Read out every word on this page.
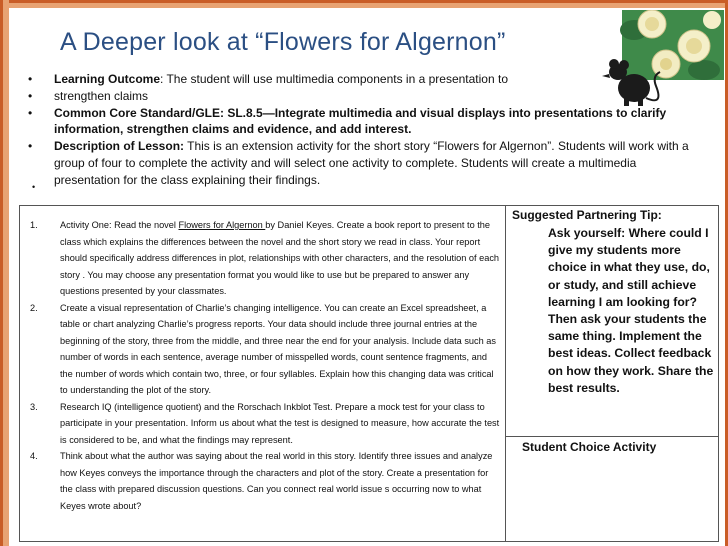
A Deeper look at “Flowers for Algernon”
• Learning Outcome: The student will use multimedia components in a presentation to
• strengthen claims
• Common Core Standard/GLE: SL.8.5—Integrate multimedia and visual displays into presentations to clarify information, strengthen claims and evidence, and add interest.
• Description of Lesson: This is an extension activity for the short story “Flowers for Algernon”. Students will work with a group of four to complete the activity and will select one activity to complete. Students will create a multimedia presentation for the class explaining their findings.
•
1. Activity One: Read the novel Flowers for Algernon by Daniel Keyes. Create a book report to present to the class which explains the differences between the novel and the short story we read in class. Your report should specifically address differences in plot, relationships with other characters, and the resolution of each story . You may choose any presentation format you would like to use but be prepared to answer any questions presented by your classmates.
2. Create a visual representation of Charlie’s changing intelligence. You can create an Excel spreadsheet, a table or chart analyzing Charlie’s progress reports. Your data should include three journal entries at the beginning of the story, three from the middle, and three near the end for your analysis. Include data such as number of words in each sentence, average number of misspelled words, count sentence fragments, and the number of words which contain two, three, or four syllables. Explain how this changing data was critical to understanding the plot of the story.
3. Research IQ (intelligence quotient) and the Rorschach Inkblot Test. Prepare a mock test for your class to participate in your presentation. Inform us about what the test is designed to measure, how accurate the test is considered to be, and what the findings may represent.
4. Think about what the author was saying about the real world in this story. Identify three issues and analyze how Keyes conveys the importance through the characters and plot of the story. Create a presentation for the class with prepared discussion questions. Can you connect real world issue s occurring now to what Keyes wrote about?
Suggested Partnering Tip:
Ask yourself: Where could I give my students more choice in what they use, do, or study, and still achieve learning I am looking for? Then ask your students the same thing. Implement the best ideas. Collect feedback on how they work. Share the best results.
Student Choice Activity
